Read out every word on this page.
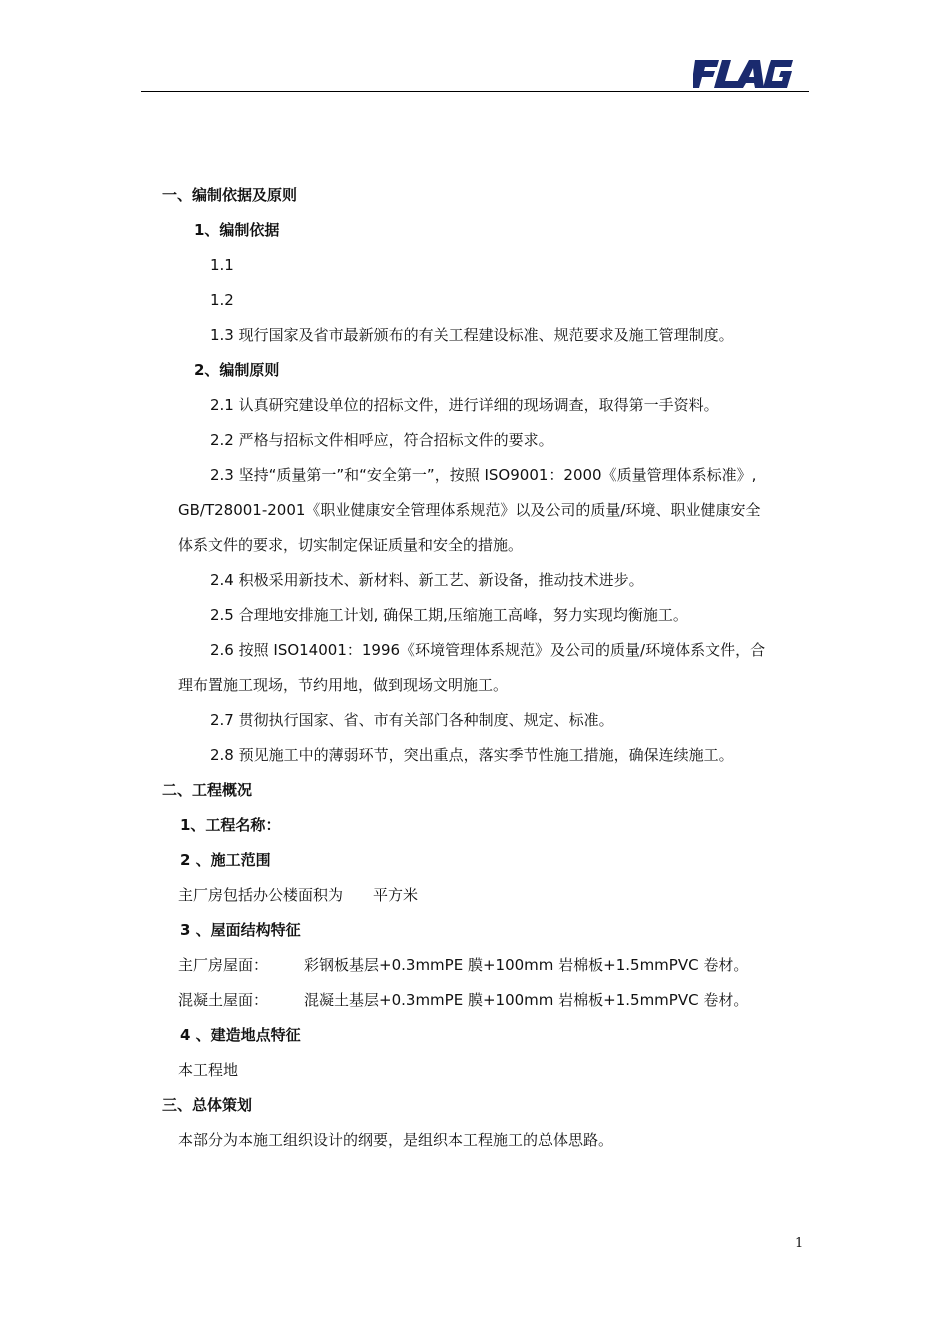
一、编制依据及原则
1、编制依据
1.1
1.2
1.3 现行国家及省市最新颁布的有关工程建设标准、规范要求及施工管理制度。
2、编制原则
2.1 认真研究建设单位的招标文件，进行详细的现场调查，取得第一手资料。
2.2 严格与招标文件相呼应，符合招标文件的要求。
2.3 坚持“质量第一”和“安全第一”，按照 ISO9001：2000《质量管理体系标准》,
GB/T28001-2001《职业健康安全管理体系规范》以及公司的质量/环境、职业健康安全
体系文件的要求，切实制定保证质量和安全的措施。
2.4 积极采用新技术、新材料、新工艺、新设备，推动技术进步。
2.5 合理地安排施工计划, 确保工期,压缩施工高峰，努力实现均衡施工。
2.6 按照 ISO14001：1996《环境管理体系规范》及公司的质量/环境体系文件，合
理布置施工现场，节约用地，做到现场文明施工。
2.7 贯彻执行国家、省、市有关部门各种制度、规定、标准。
2.8 预见施工中的薄弱环节，突出重点，落实季节性施工措施，确保连续施工。
二、工程概况
1、工程名称：
2 、施工范围
主厂房包括办公楼面积为 平方米
3 、屋面结构特征
主厂房屋面： 彩钢板基层+0.3mmPE 膜+100mm 岩棉板+1.5mmPVC 卷材。
混凝土屋面： 混凝土基层+0.3mmPE 膜+100mm 岩棉板+1.5mmPVC 卷材。
4 、建造地点特征
本工程地
三、总体策划
本部分为本施工组织设计的纲要，是组织本工程施工的总体思路。
1
